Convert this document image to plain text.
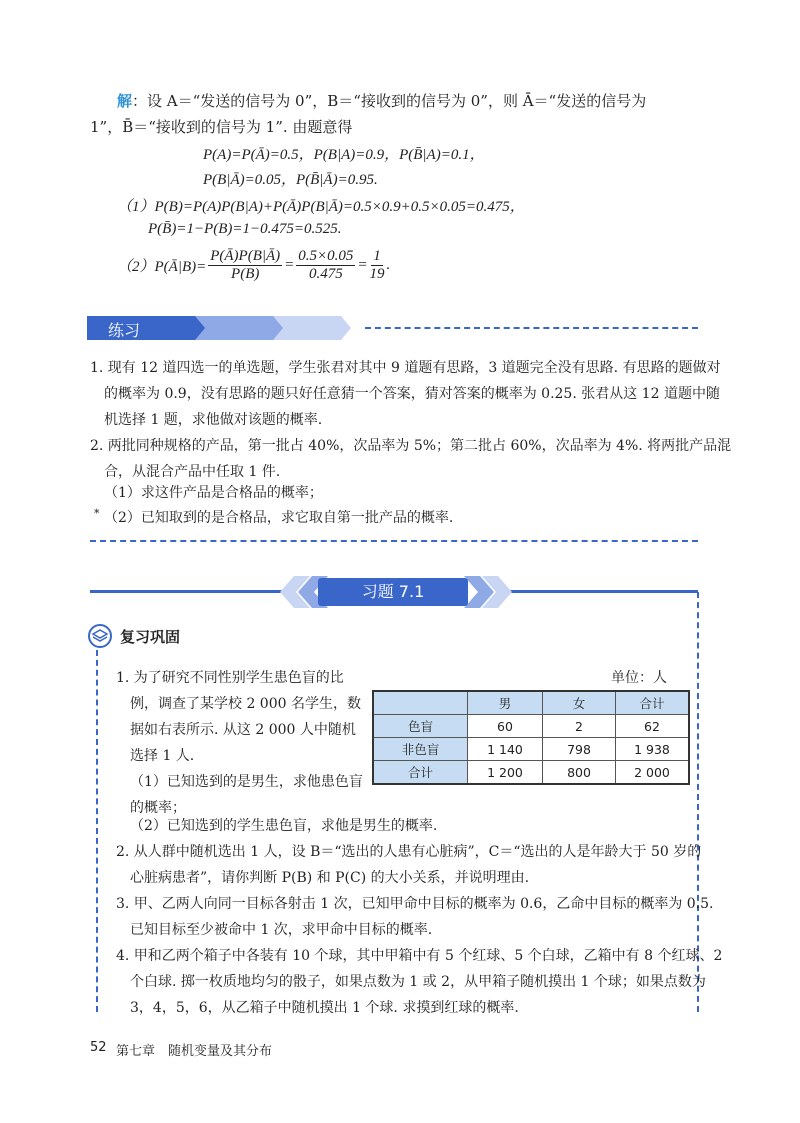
解：设 A＝“发送的信号为 0”，B＝“接收到的信号为 0”，则 Ā＝“发送的信号为
1”，B̄＝“接收到的信号为 1”. 由题意得
P(A)=P(Ā)=0.5，P(B|A)=0.9，P(B̄|A)=0.1，
P(B|Ā)=0.05，P(B̄|Ā)=0.95.
（1）P(B)=P(A)P(B|A)+P(Ā)P(B|Ā)=0.5×0.9+0.5×0.05=0.475，
P(B̄)=1−P(B)=1−0.475=0.525.
（2）P(Ā|B)= $\frac{P(Ā)P(B|Ā)}{P(B)} = \frac{0.5\times 0.05}{0.475} = \frac{1}{19}$ .
练习
1. 现有 12 道四选一的单选题，学生张君对其中 9 道题有思路，3 道题完全没有思路. 有思路的题做对
的概率为 0.9，没有思路的题只好任意猜一个答案，猜对答案的概率为 0.25. 张君从这 12 道题中随
机选择 1 题，求他做对该题的概率.
2. 两批同种规格的产品，第一批占 40%，次品率为 5%；第二批占 60%，次品率为 4%. 将两批产品混
合，从混合产品中任取 1 件.
（1）求这件产品是合格品的概率；
* （2）已知取到的是合格品，求它取自第一批产品的概率.
习题 7.1
复习巩固
1. 为了研究不同性别学生患色盲的比
例，调查了某学校 2 000 名学生，数
据如右表所示. 从这 2 000 人中随机
选择 1 人.
（1）已知选到的是男生，求他患色盲
的概率；
（2）已知选到的学生患色盲，求他是男生的概率.
单位：人
	男	女	合计
色盲	60	2	62
非色盲	1 140	798	1 938
合计	1 200	800	2 000
2. 从人群中随机选出 1 人，设 B＝“选出的人患有心脏病”，C＝“选出的人是年龄大于 50 岁的
心脏病患者”，请你判断 P(B) 和 P(C) 的大小关系，并说明理由.
3. 甲、乙两人向同一目标各射击 1 次，已知甲命中目标的概率为 0.6，乙命中目标的概率为 0.5.
已知目标至少被命中 1 次，求甲命中目标的概率.
4. 甲和乙两个箱子中各装有 10 个球，其中甲箱中有 5 个红球、5 个白球，乙箱中有 8 个红球、2
个白球. 掷一枚质地均匀的骰子，如果点数为 1 或 2，从甲箱子随机摸出 1 个球；如果点数为
3，4，5，6，从乙箱子中随机摸出 1 个球. 求摸到红球的概率.
52 第七章　随机变量及其分布
